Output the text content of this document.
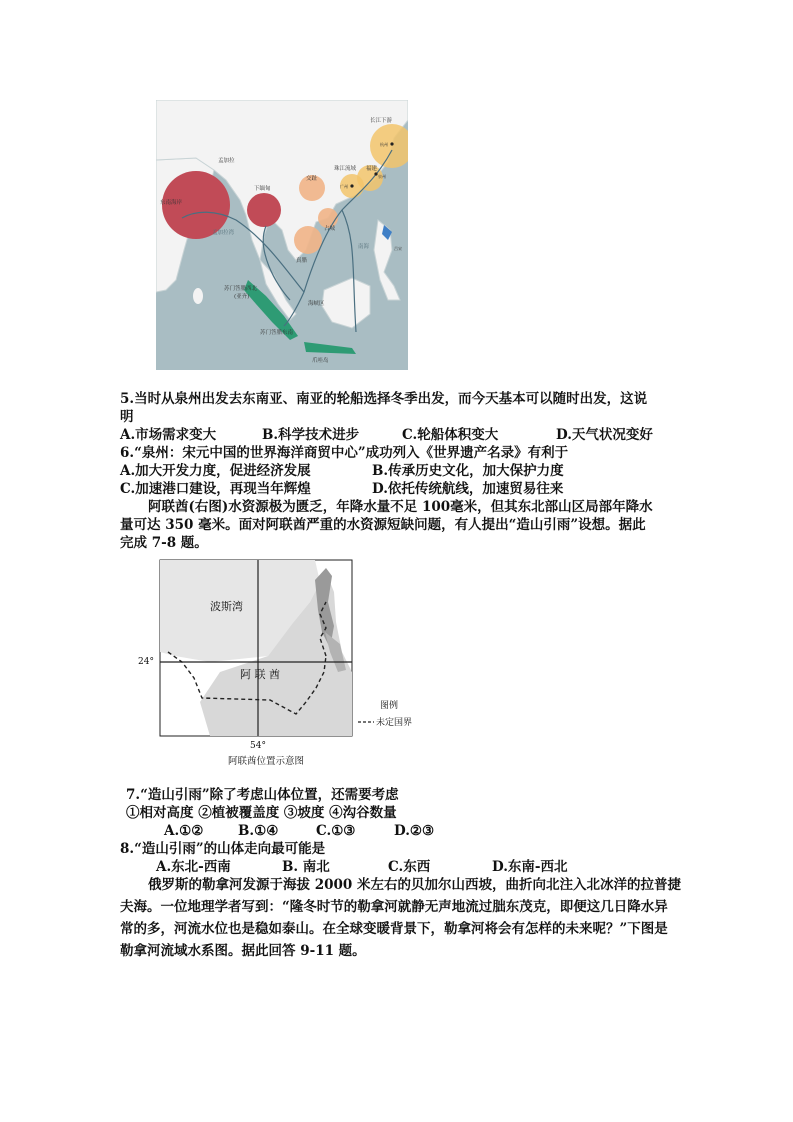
孟加拉
下缅甸
东南海岸
孟加拉湾
交趾
真腊
占城
南海
长江下游
珠江流域 福建
杭州
广州
泉州
苏门答腊西北
(亚齐)
海峡区
苏门答腊东南
爪哇岛
吕宋
5.当时从泉州出发去东南亚、南亚的轮船选择冬季出发，而今天基本可以随时出发，这说
明
A.市场需求变大	B.科学技术进步	C.轮船体积变大	D.天气状况变好
6.“泉州：宋元中国的世界海洋商贸中心”成功列入《世界遗产名录》有利于
A.加大开发力度，促进经济发展	B.传承历史文化，加大保护力度
C.加速港口建设，再现当年辉煌	D.依托传统航线，加速贸易往来
阿联酋(右图)水资源极为匮乏，年降水量不足 100毫米，但其东北部山区局部年降水
量可达 350 毫米。面对阿联酋严重的水资源短缺问题，有人提出“造山引雨”设想。据此
完成 7-8 题。
波斯湾
阿 联 酋
24°
54°
图例
未定国界
阿联酋位置示意图
7.“造山引雨”除了考虑山体位置，还需要考虑
①相对高度 ②植被覆盖度 ③坡度 ④沟谷数量
A.①②	B.①④	C.①③	D.②③
8.“造山引雨”的山体走向最可能是
A.东北-西南	B. 南北	C.东西	D.东南-西北
俄罗斯的勒拿河发源于海拔 2000 米左右的贝加尔山西坡，曲折向北注入北冰洋的拉普捷
夫海。一位地理学者写到：“隆冬时节的勒拿河就静无声地流过朏东茂克，即便这几日降水异
常的多，河流水位也是稳如泰山。在全球变暖背景下，勒拿河将会有怎样的未来呢？”下图是
勒拿河流域水系图。据此回答 9-11 题。
